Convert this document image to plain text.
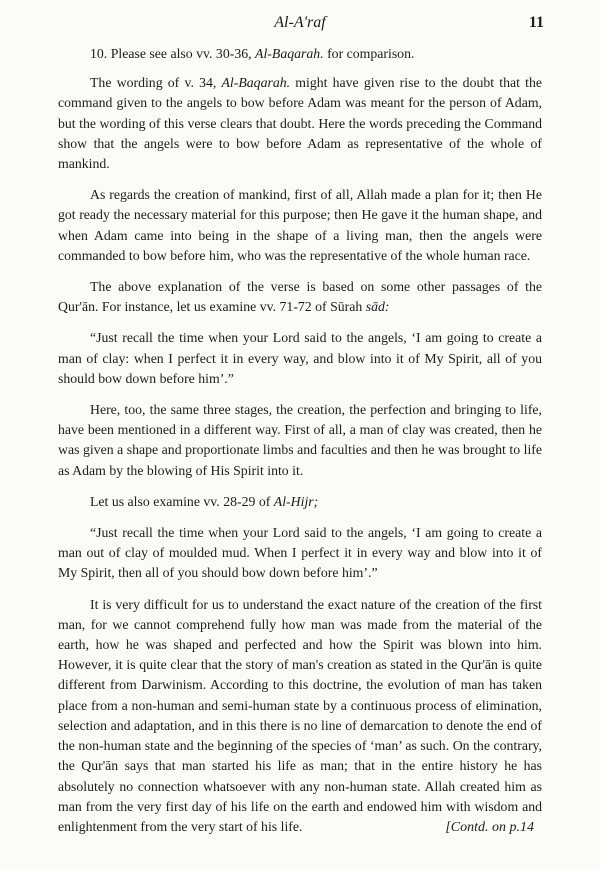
Al-A'raf	11

10. Please see also vv. 30-36, Al-Baqarah. for comparison.

The wording of v. 34, Al-Baqarah. might have given rise to the doubt that the command given to the angels to bow before Adam was meant for the person of Adam, but the wording of this verse clears that doubt. Here the words preceding the Command show that the angels were to bow before Adam as representative of the whole of mankind.

As regards the creation of mankind, first of all, Allah made a plan for it; then He got ready the necessary material for this purpose; then He gave it the human shape, and when Adam came into being in the shape of a living man, then the angels were commanded to bow before him, who was the representative of the whole human race.

The above explanation of the verse is based on some other passages of the Qur'ān. For instance, let us examine vv. 71-72 of Sūrah sād:

“Just recall the time when your Lord said to the angels, ‘I am going to create a man of clay: when I perfect it in every way, and blow into it of My Spirit, all of you should bow down before him’.”

Here, too, the same three stages, the creation, the perfection and bringing to life, have been mentioned in a different way. First of all, a man of clay was created, then he was given a shape and proportionate limbs and faculties and then he was brought to life as Adam by the blowing of His Spirit into it.

Let us also examine vv. 28-29 of Al-Hijr;

“Just recall the time when your Lord said to the angels, ‘I am going to create a man out of clay of moulded mud. When I perfect it in every way and blow into it of My Spirit, then all of you should bow down before him’.”

It is very difficult for us to understand the exact nature of the creation of the first man, for we cannot comprehend fully how man was made from the material of the earth, how he was shaped and perfected and how the Spirit was blown into him. However, it is quite clear that the story of man's creation as stated in the Qur'ān is quite different from Darwinism. According to this doctrine, the evolution of man has taken place from a non-human and semi-human state by a continuous process of elimination, selection and adaptation, and in this there is no line of demarcation to denote the end of the non-human state and the beginning of the species of ‘man’ as such. On the contrary, the Qur'ān says that man started his life as man; that in the entire history he has absolutely no connection whatsoever with any non-human state. Allah created him as man from the very first day of his life on the earth and endowed him with wisdom and enlightenment from the very start of his life.	[Contd. on p.14
